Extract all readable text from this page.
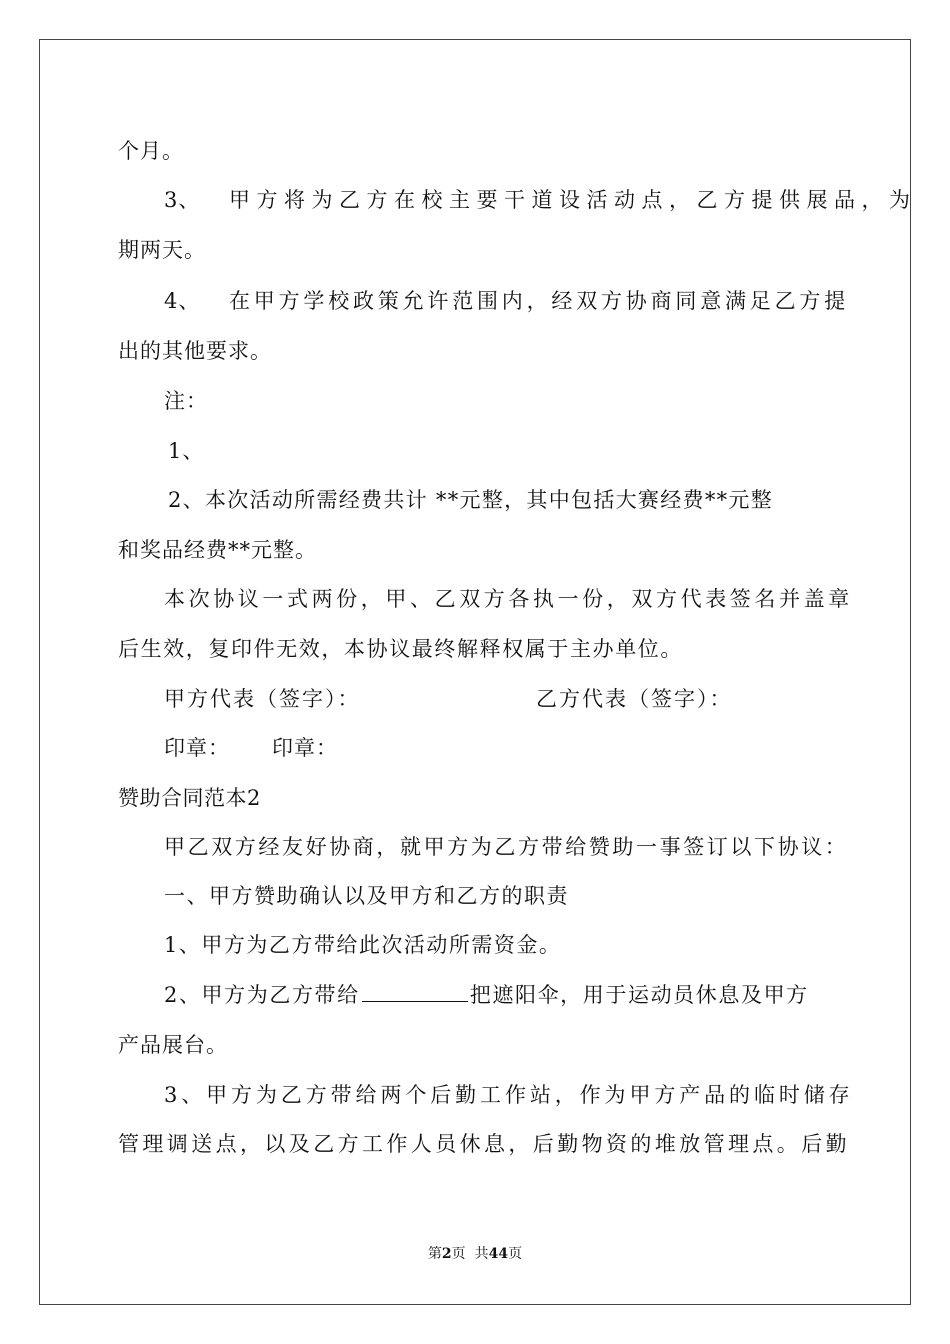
个月。
3、 甲方将为乙方在校主要干道设活动点，乙方提供展品，为
期两天。
4、 在甲方学校政策允许范围内，经双方协商同意满足乙方提
出的其他要求。
注：
1、
2、本次活动所需经费共计 **元整，其中包括大赛经费**元整
和奖品经费**元整。
本次协议一式两份，甲、乙双方各执一份，双方代表签名并盖章
后生效，复印件无效，本协议最终解释权属于主办单位。
甲方代表（签字）：	乙方代表（签字）：
印章： 印章：
赞助合同范本2
甲乙双方经友好协商，就甲方为乙方带给赞助一事签订以下协议：
一、甲方赞助确认以及甲方和乙方的职责
1、甲方为乙方带给此次活动所需资金。
2、甲方为乙方带给	把遮阳伞，用于运动员休息及甲方
产品展台。
3、甲方为乙方带给两个后勤工作站，作为甲方产品的临时储存
管理调送点，以及乙方工作人员休息，后勤物资的堆放管理点。后勤
第2页  共44页
